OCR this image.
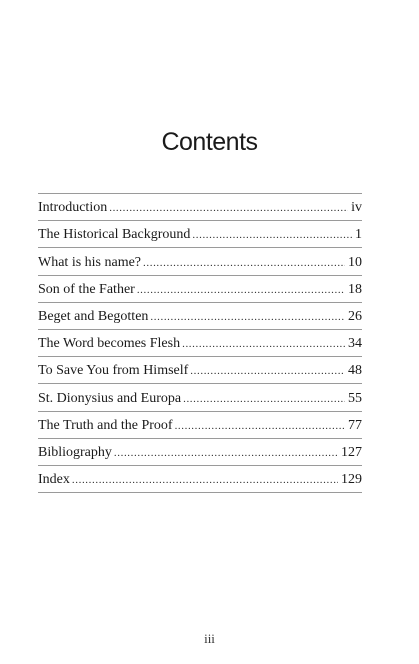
Contents
Introduction .....	iv
The Historical Background .....	1
What is his name? .....	10
Son of the Father .....	18
Beget and Begotten .....	26
The Word becomes Flesh .....	34
To Save You from Himself .....	48
St. Dionysius and Europa .....	55
The Truth and the Proof .....	77
Bibliography .....	127
Index .....	129
iii
